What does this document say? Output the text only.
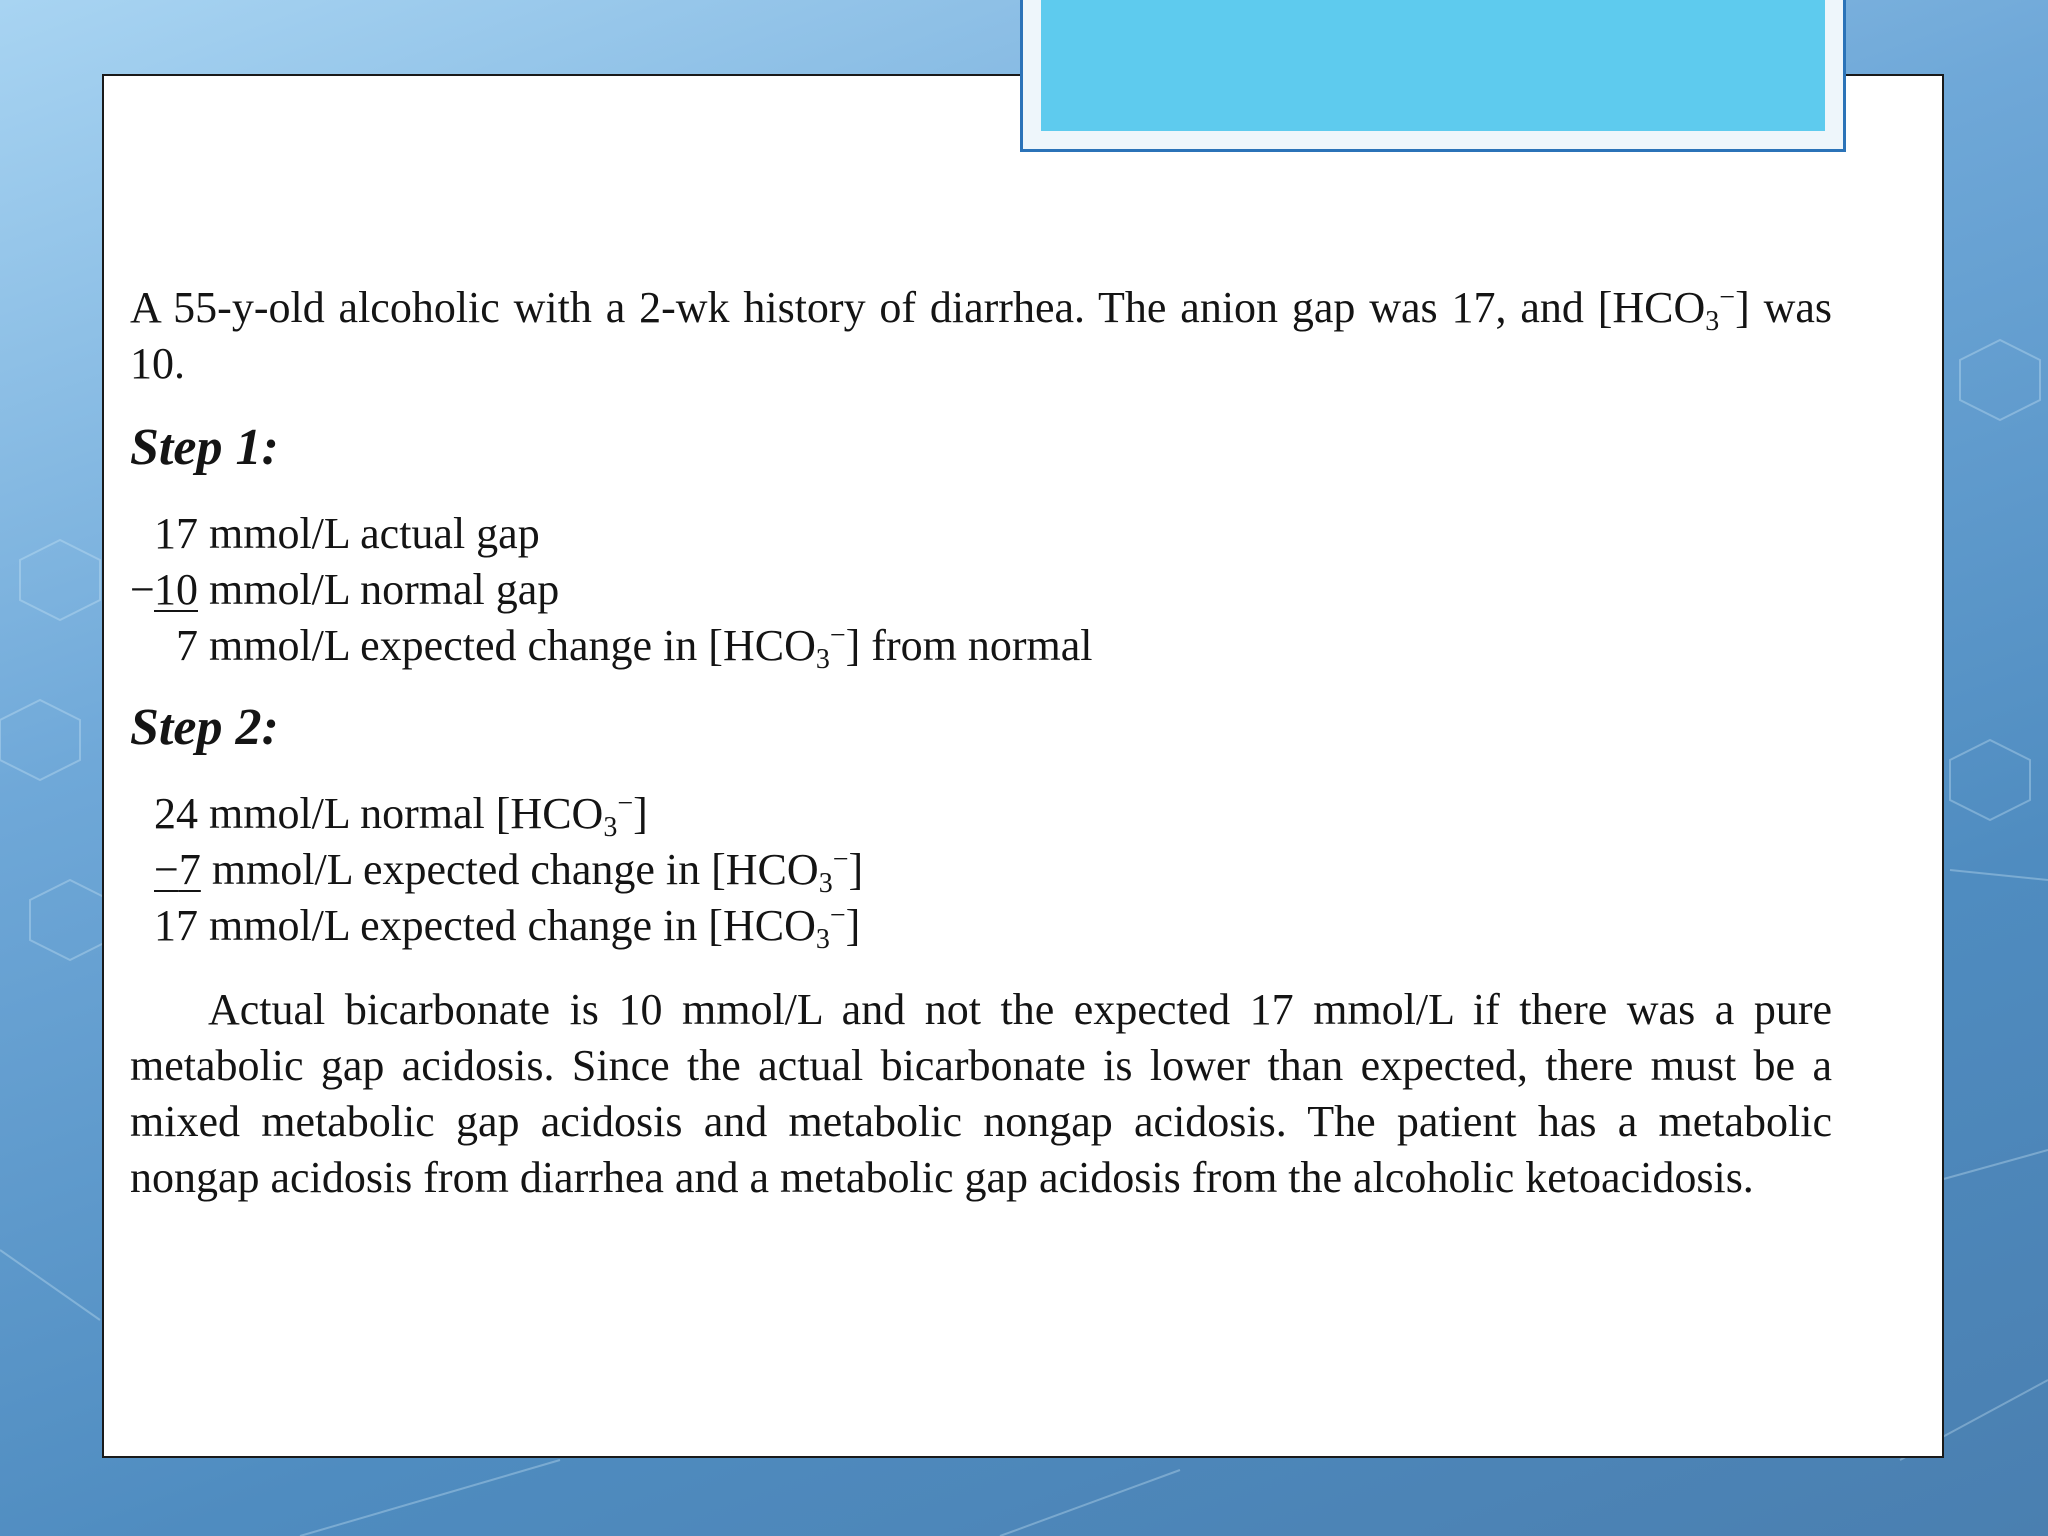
A 55-y-old alcoholic with a 2-wk history of diarrhea. The anion gap was 17, and $[HCO_3^-]$ was 10.
Step 1:
17 mmol/L actual gap
−10 mmol/L normal gap
7 mmol/L expected change in $[HCO_3^-]$ from normal
Step 2:
24 mmol/L normal $[HCO_3^-]$
−7 mmol/L expected change in $[HCO_3^-]$
17 mmol/L expected change in $[HCO_3^-]$
Actual bicarbonate is 10 mmol/L and not the expected 17 mmol/L if there was a pure metabolic gap acidosis. Since the actual bicarbonate is lower than expected, there must be a mixed metabolic gap acidosis and metabolic nongap acidosis. The patient has a metabolic nongap acidosis from diarrhea and a metabolic gap acidosis from the alcoholic ketoacidosis.
